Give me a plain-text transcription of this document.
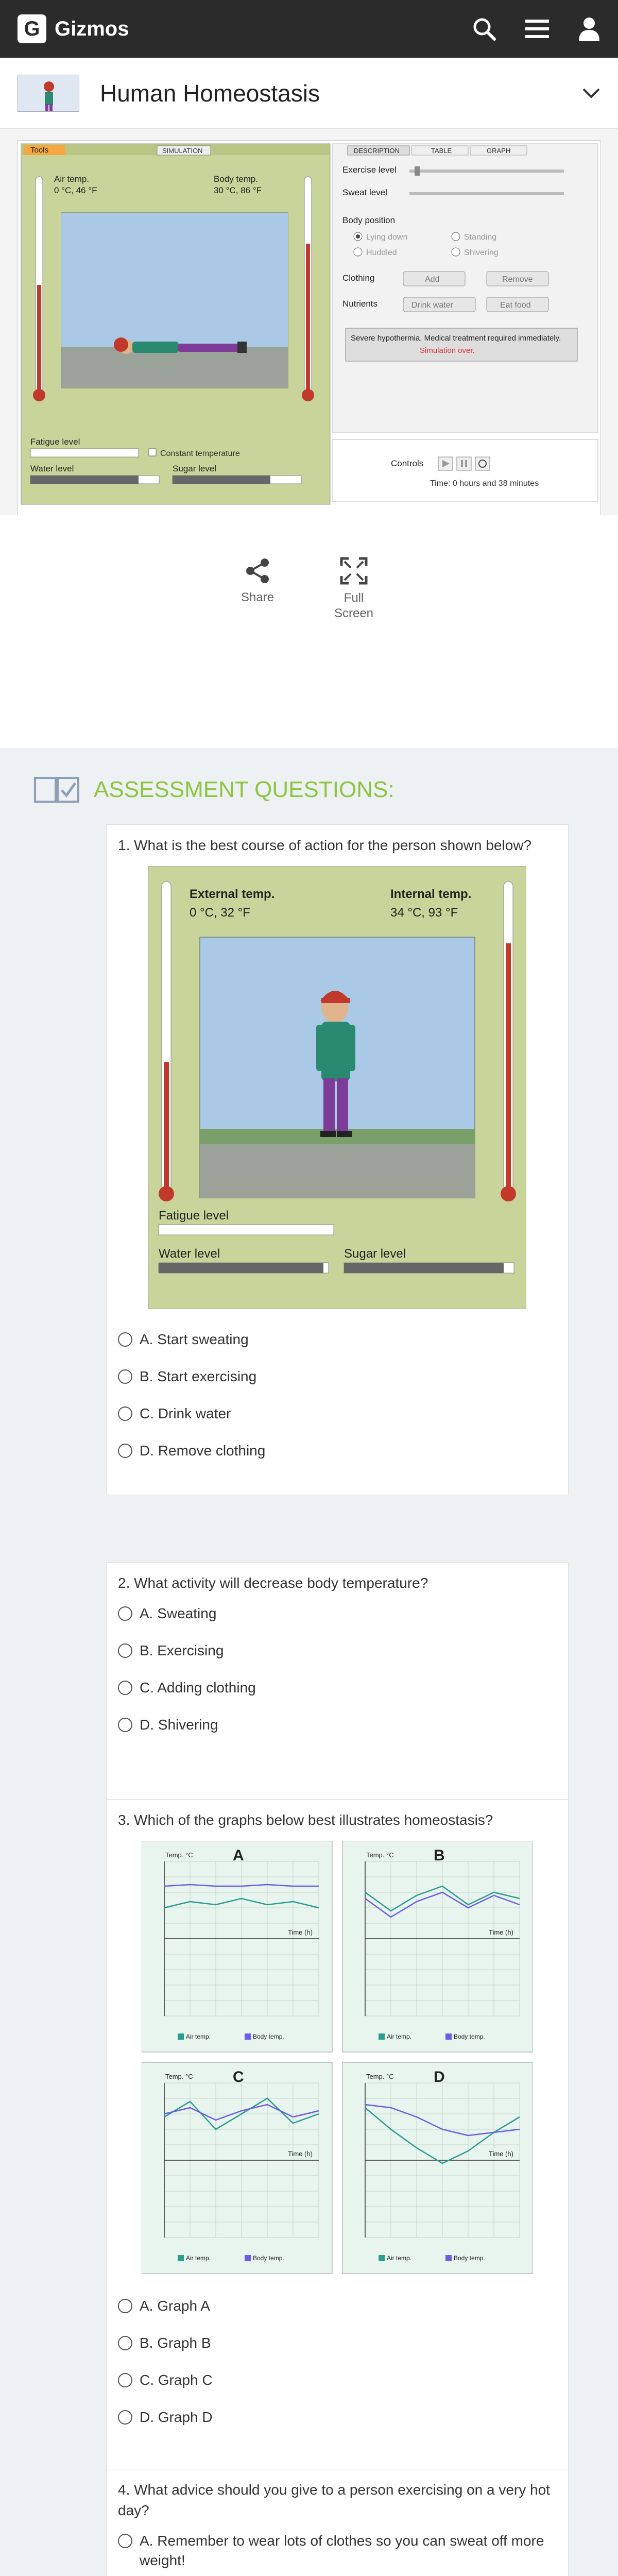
G Gizmos
Human Homeostasis
Tools	SIMULATION
Air temp.
0 °C, 46 °F
Body temp.
30 °C, 86 °F
Fatigue level
Constant temperature
Water level	Sugar level
DESCRIPTION	TABLE	GRAPH
Exercise level
Sweat level
Body position
Lying down	Standing
Huddled	Shivering
Clothing	Add	Remove
Nutrients	Drink water	Eat food
Severe hypothermia. Medical treatment required immediately.
Simulation over.
Controls
Time: 0 hours and 38 minutes
Share	Full Screen
ASSESSMENT QUESTIONS:
1. What is the best course of action for the person shown below?
External temp.
0 °C, 32 °F
Internal temp.
34 °C, 93 °F
Fatigue level
Water level	Sugar level
A. Start sweating
B. Start exercising
C. Drink water
D. Remove clothing
2. What activity will decrease body temperature?
A. Sweating
B. Exercising
C. Adding clothing
D. Shivering
3. Which of the graphs below best illustrates homeostasis?
Temp. °C
Time (h)
A
Air temp.	Body temp.
Temp. °C
Time (h)
B
Air temp.	Body temp.
Temp. °C
Time (h)
C
Air temp.	Body temp.
Temp. °C
Time (h)
D
Air temp.	Body temp.
A. Graph A
B. Graph B
C. Graph C
D. Graph D
4. What advice should you give to a person exercising on a very hot day?
A. Remember to wear lots of clothes so you can sweat off more weight!
